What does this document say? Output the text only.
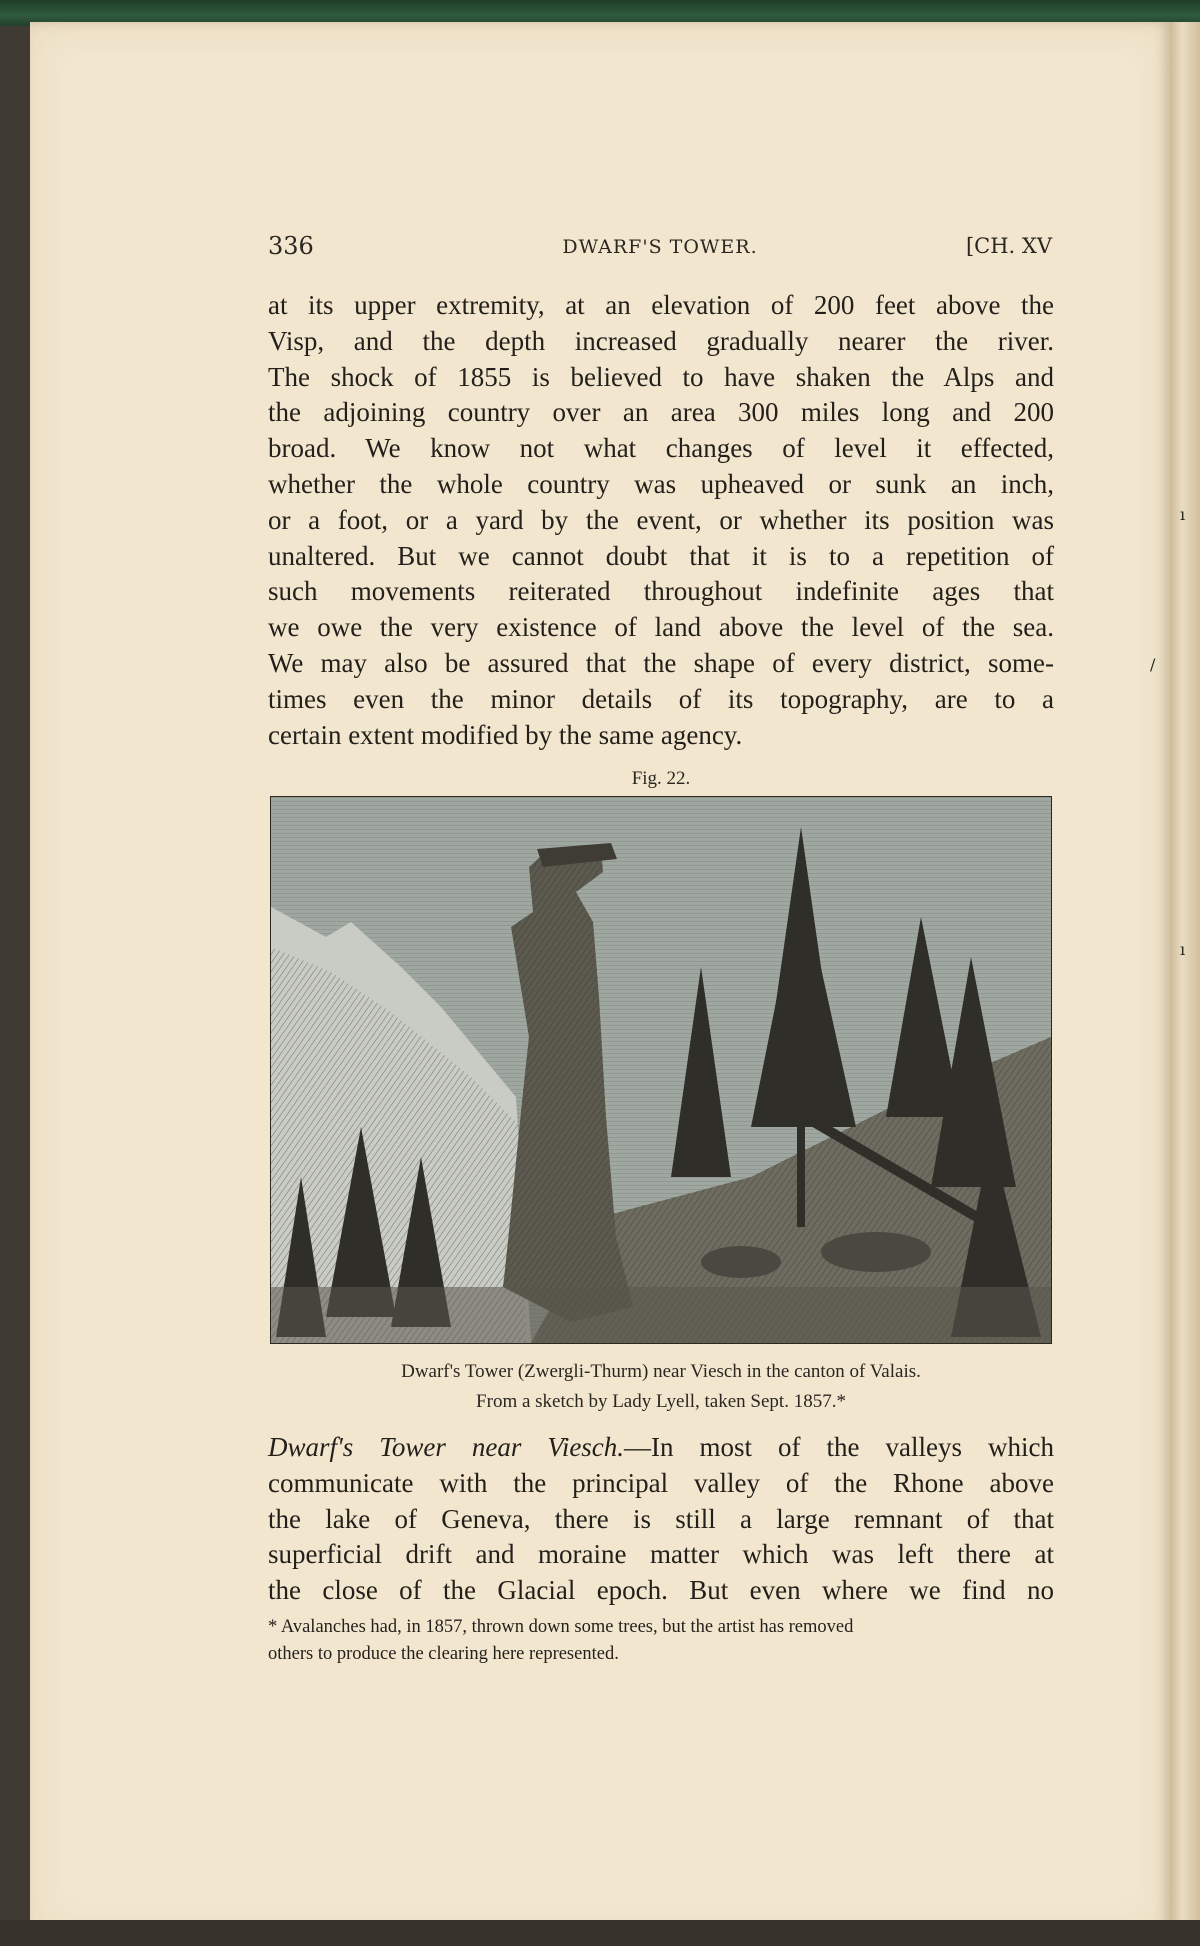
336	DWARF'S TOWER.	[CH. XV
at its upper extremity, at an elevation of 200 feet above the
Visp, and the depth increased gradually nearer the river.
The shock of 1855 is believed to have shaken the Alps and
the adjoining country over an area 300 miles long and 200
broad. We know not what changes of level it effected,
whether the whole country was upheaved or sunk an inch,
or a foot, or a yard by the event, or whether its position was
unaltered. But we cannot doubt that it is to a repetition of
such movements reiterated throughout indefinite ages that
we owe the very existence of land above the level of the sea.
We may also be assured that the shape of every district, some-
times even the minor details of its topography, are to a
certain extent modified by the same agency.
Fig. 22.
Dwarf's Tower (Zwergli-Thurm) near Viesch in the canton of Valais.
From a sketch by Lady Lyell, taken Sept. 1857.*
Dwarf's Tower near Viesch.—In most of the valleys which
communicate with the principal valley of the Rhone above
the lake of Geneva, there is still a large remnant of that
superficial drift and moraine matter which was left there at
the close of the Glacial epoch. But even where we find no
* Avalanches had, in 1857, thrown down some trees, but the artist has removed
others to produce the clearing here represented.
ı
ı
/
